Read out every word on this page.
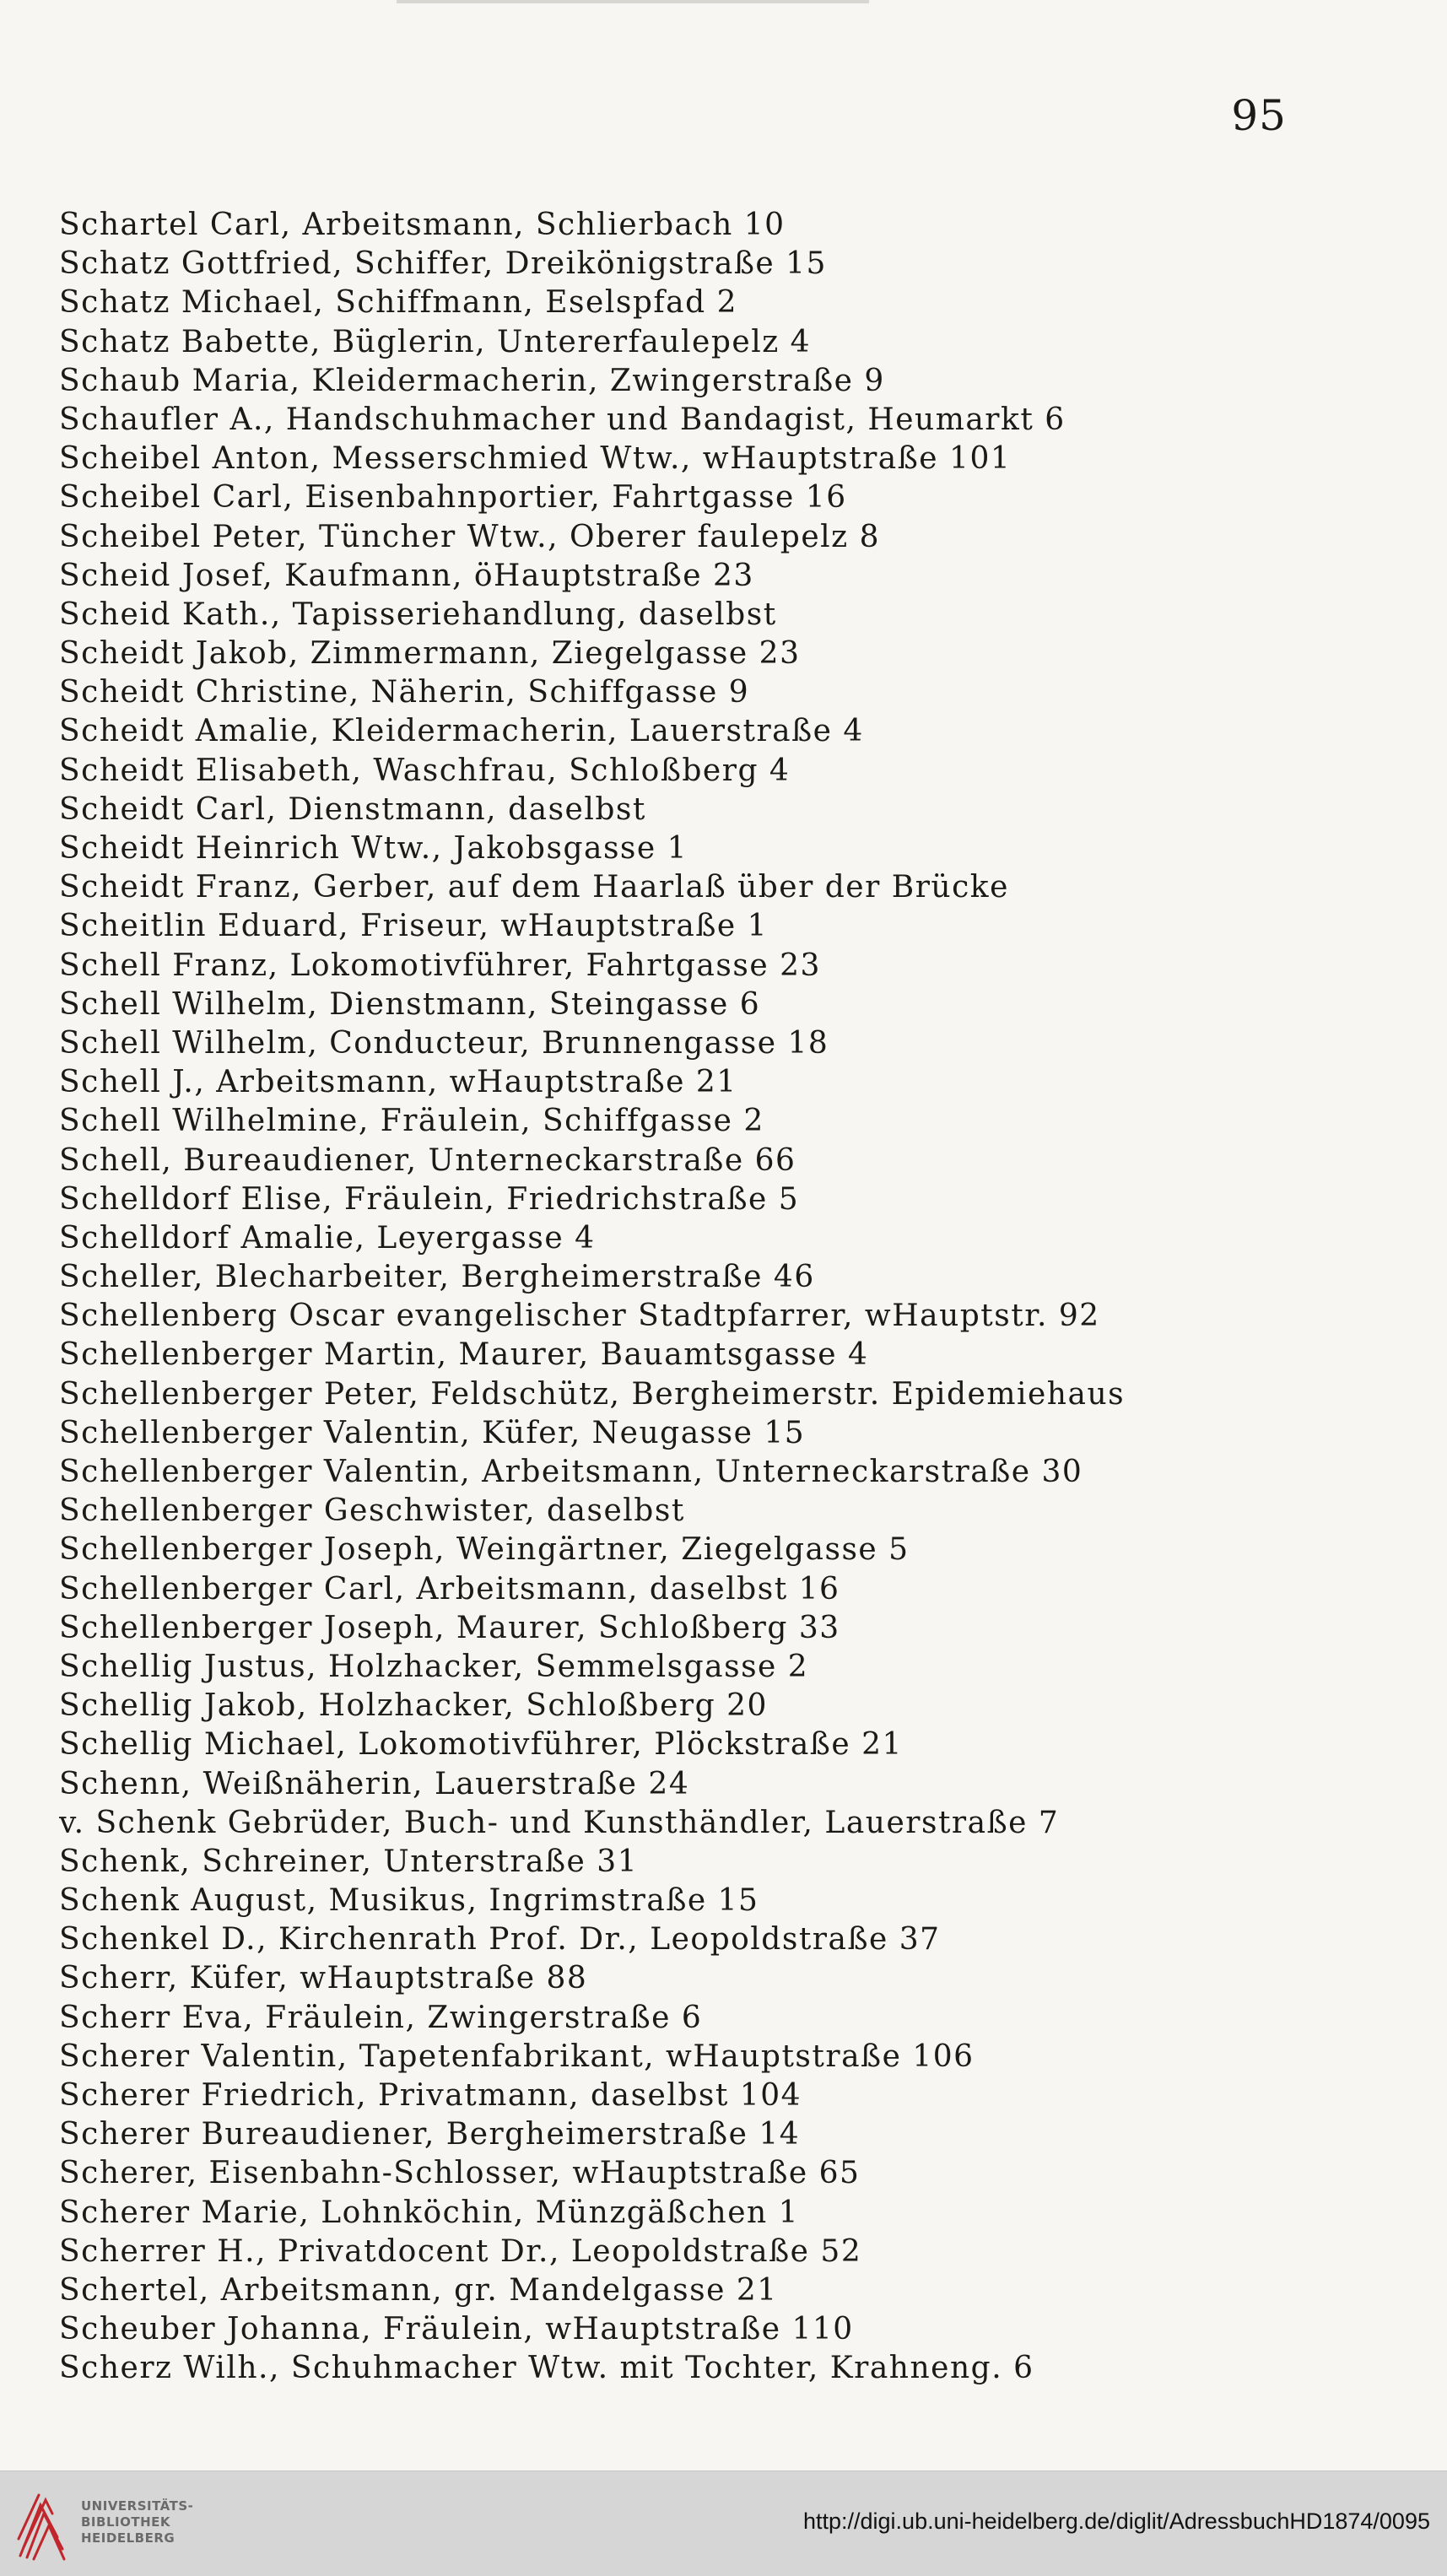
95
Schartel Carl, Arbeitsmann, Schlierbach 10
Schatz Gottfried, Schiffer, Dreikönigstraße 15
Schatz Michael, Schiffmann, Eselspfad 2
Schatz Babette, Büglerin, Untererfaulepelz 4
Schaub Maria, Kleidermacherin, Zwingerstraße 9
Schaufler A., Handschuhmacher und Bandagist, Heumarkt 6
Scheibel Anton, Messerschmied Wtw., wHauptstraße 101
Scheibel Carl, Eisenbahnportier, Fahrtgasse 16
Scheibel Peter, Tüncher Wtw., Oberer faulepelz 8
Scheid Josef, Kaufmann, öHauptstraße 23
Scheid Kath., Tapisseriehandlung, daselbst
Scheidt Jakob, Zimmermann, Ziegelgasse 23
Scheidt Christine, Näherin, Schiffgasse 9
Scheidt Amalie, Kleidermacherin, Lauerstraße 4
Scheidt Elisabeth, Waschfrau, Schloßberg 4
Scheidt Carl, Dienstmann, daselbst
Scheidt Heinrich Wtw., Jakobsgasse 1
Scheidt Franz, Gerber, auf dem Haarlaß über der Brücke
Scheitlin Eduard, Friseur, wHauptstraße 1
Schell Franz, Lokomotivführer, Fahrtgasse 23
Schell Wilhelm, Dienstmann, Steingasse 6
Schell Wilhelm, Conducteur, Brunnengasse 18
Schell J., Arbeitsmann, wHauptstraße 21
Schell Wilhelmine, Fräulein, Schiffgasse 2
Schell, Bureaudiener, Unterneckarstraße 66
Schelldorf Elise, Fräulein, Friedrichstraße 5
Schelldorf Amalie, Leyergasse 4
Scheller, Blecharbeiter, Bergheimerstraße 46
Schellenberg Oscar evangelischer Stadtpfarrer, wHauptstr. 92
Schellenberger Martin, Maurer, Bauamtsgasse 4
Schellenberger Peter, Feldschütz, Bergheimerstr. Epidemiehaus
Schellenberger Valentin, Küfer, Neugasse 15
Schellenberger Valentin, Arbeitsmann, Unterneckarstraße 30
Schellenberger Geschwister, daselbst
Schellenberger Joseph, Weingärtner, Ziegelgasse 5
Schellenberger Carl, Arbeitsmann, daselbst 16
Schellenberger Joseph, Maurer, Schloßberg 33
Schellig Justus, Holzhacker, Semmelsgasse 2
Schellig Jakob, Holzhacker, Schloßberg 20
Schellig Michael, Lokomotivführer, Plöckstraße 21
Schenn, Weißnäherin, Lauerstraße 24
v. Schenk Gebrüder, Buch- und Kunsthändler, Lauerstraße 7
Schenk, Schreiner, Unterstraße 31
Schenk August, Musikus, Ingrimstraße 15
Schenkel D., Kirchenrath Prof. Dr., Leopoldstraße 37
Scherr, Küfer, wHauptstraße 88
Scherr Eva, Fräulein, Zwingerstraße 6
Scherer Valentin, Tapetenfabrikant, wHauptstraße 106
Scherer Friedrich, Privatmann, daselbst 104
Scherer Bureaudiener, Bergheimerstraße 14
Scherer, Eisenbahn-Schlosser, wHauptstraße 65
Scherer Marie, Lohnköchin, Münzgäßchen 1
Scherrer H., Privatdocent Dr., Leopoldstraße 52
Schertel, Arbeitsmann, gr. Mandelgasse 21
Scheuber Johanna, Fräulein, wHauptstraße 110
Scherz Wilh., Schuhmacher Wtw. mit Tochter, Krahneng. 6
UNIVERSITÄTS-
BIBLIOTHEK
HEIDELBERG
http://digi.ub.uni-heidelberg.de/diglit/AdressbuchHD1874/0095
